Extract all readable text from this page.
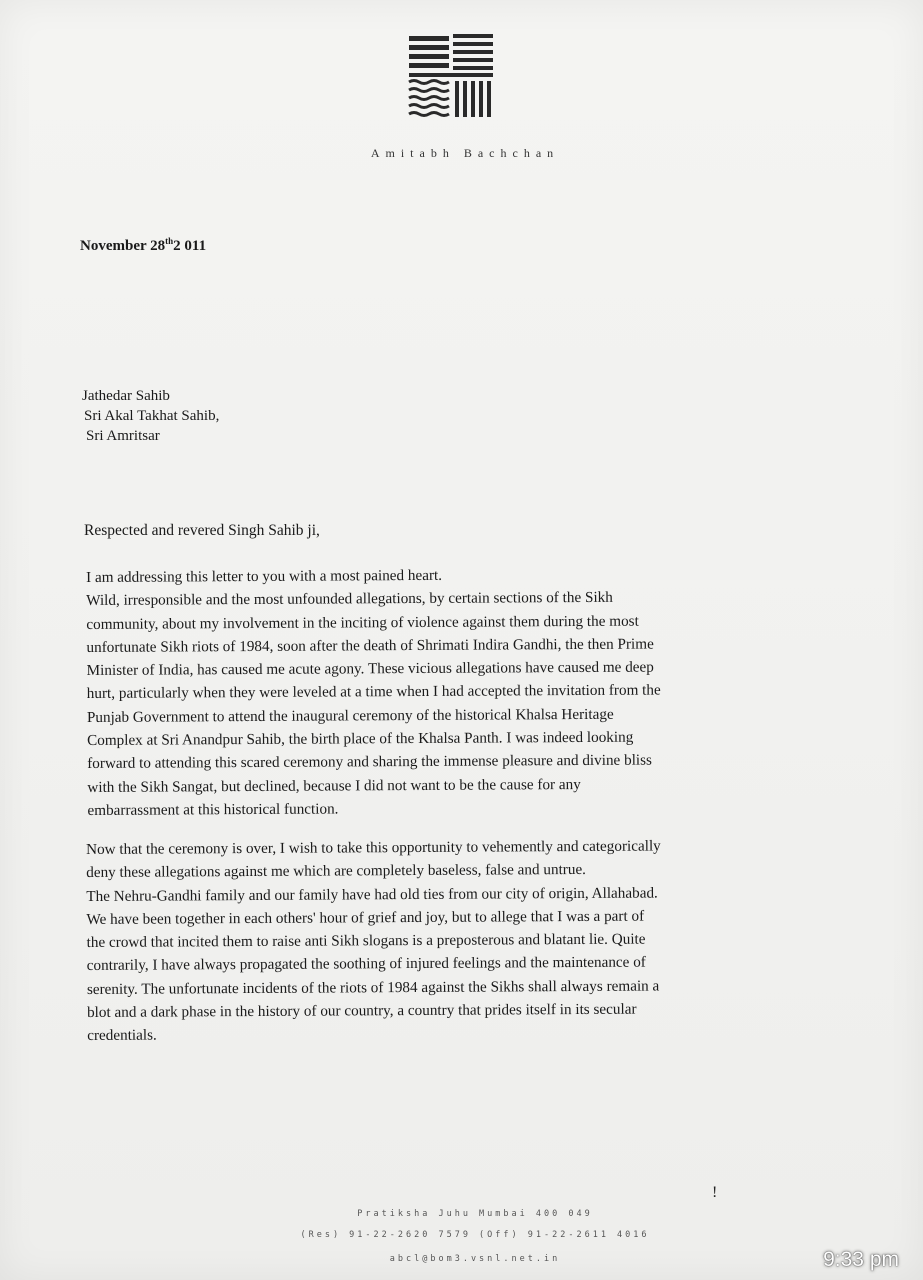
Amitabh Bachchan
November 28th2 011
Jathedar Sahib
Sri Akal Takhat Sahib,
Sri Amritsar
Respected and revered Singh Sahib ji,
I am addressing this letter to you with a most pained heart.
Wild, irresponsible and the most unfounded allegations, by certain sections of the Sikh
community, about my involvement in the inciting of violence against them during the most
unfortunate Sikh riots of 1984, soon after the death of Shrimati Indira Gandhi, the then Prime
Minister of India, has caused me acute agony. These vicious allegations have caused me deep
hurt, particularly when they were leveled at a time when I had accepted the invitation from the
Punjab Government to attend the inaugural ceremony of the historical Khalsa Heritage
Complex at Sri Anandpur Sahib, the birth place of the Khalsa Panth. I was indeed looking
forward to attending this scared ceremony and sharing the immense pleasure and divine bliss
with the Sikh Sangat, but declined, because I did not want to be the cause for any
embarrassment at this historical function.
Now that the ceremony is over, I wish to take this opportunity to vehemently and categorically
deny these allegations against me which are completely baseless, false and untrue.
The Nehru-Gandhi family and our family have had old ties from our city of origin, Allahabad.
We have been together in each others' hour of grief and joy, but to allege that I was a part of
the crowd that incited them to raise anti Sikh slogans is a preposterous and blatant lie. Quite
contrarily, I have always propagated the soothing of injured feelings and the maintenance of
serenity. The unfortunate incidents of the riots of 1984 against the Sikhs shall always remain a
blot and a dark phase in the history of our country, a country that prides itself in its secular
credentials.
!
Pratiksha Juhu Mumbai 400 049
(Res) 91-22-2620 7579 (Off) 91-22-2611 4016
abcl@bom3.vsnl.net.in	9:33 pm
